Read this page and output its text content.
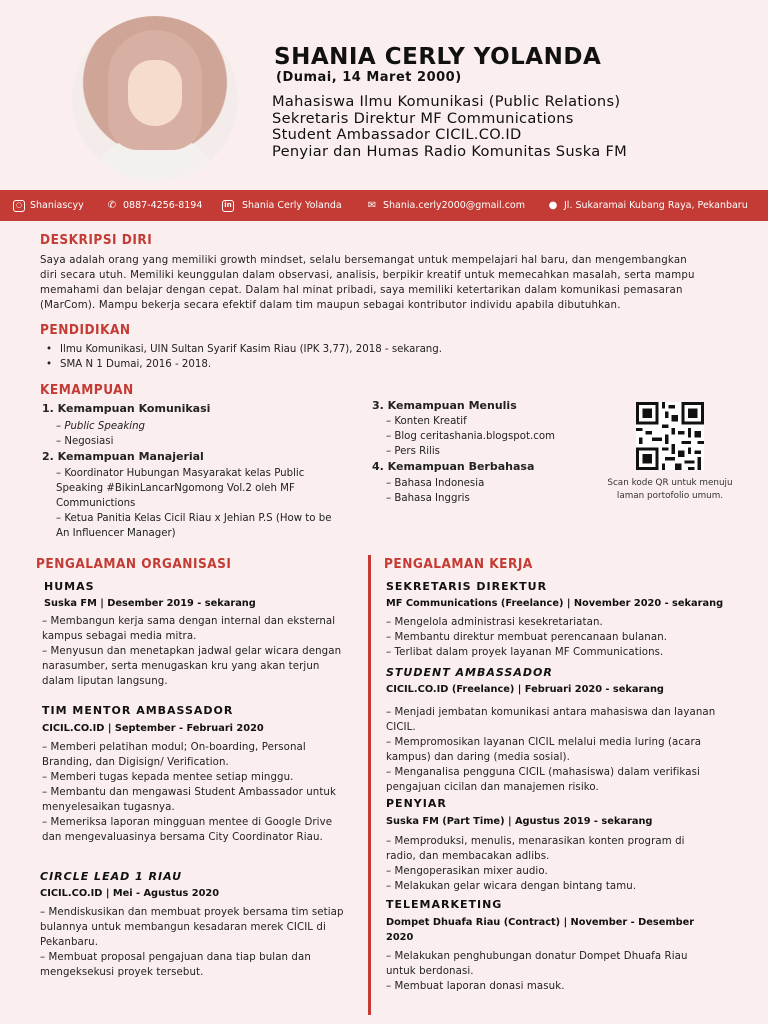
SHANIA CERLY YOLANDA
(Dumai, 14 Maret 2000)
Mahasiswa Ilmu Komunikasi (Public Relations)
Sekretaris Direktur MF Communications
Student Ambassador CICIL.CO.ID
Penyiar dan Humas Radio Komunitas Suska FM
○ Shaniascyy ✆ 0887-4256-8194	in Shania Cerly Yolanda	✉ Shania.cerly2000@gmail.com ● Jl. Sukaramai Kubang Raya, Pekanbaru
DESKRIPSI DIRI
Saya adalah orang yang memiliki growth mindset, selalu bersemangat untuk mempelajari hal baru, dan mengembangkan
diri secara utuh. Memiliki keunggulan dalam observasi, analisis, berpikir kreatif untuk memecahkan masalah, serta mampu
memahami dan belajar dengan cepat. Dalam hal minat pribadi, saya memiliki ketertarikan dalam komunikasi pemasaran
(MarCom). Mampu bekerja secara efektif dalam tim maupun sebagai kontributor individu apabila dibutuhkan.
PENDIDIKAN
• Ilmu Komunikasi, UIN Sultan Syarif Kasim Riau (IPK 3,77), 2018 - sekarang.
• SMA N 1 Dumai, 2016 - 2018.
KEMAMPUAN
1. Kemampuan Komunikasi
– Public Speaking
– Negosiasi
2. Kemampuan Manajerial
– Koordinator Hubungan Masyarakat kelas Public
Speaking #BikinLancarNgomong Vol.2 oleh MF
Communictions
– Ketua Panitia Kelas Cicil Riau x Jehian P.S (How to be
An Influencer Manager)
3. Kemampuan Menulis
– Konten Kreatif
– Blog ceritashania.blogspot.com
– Pers Rilis
4. Kemampuan Berbahasa
– Bahasa Indonesia
– Bahasa Inggris
Scan kode QR untuk menuju
laman portofolio umum.
PENGALAMAN ORGANISASI
HUMAS
Suska FM | Desember 2019 - sekarang
– Membangun kerja sama dengan internal dan eksternal
kampus sebagai media mitra.
– Menyusun dan menetapkan jadwal gelar wicara dengan
narasumber, serta menugaskan kru yang akan terjun
dalam liputan langsung.
TIM MENTOR AMBASSADOR
CICIL.CO.ID | September - Februari 2020
– Memberi pelatihan modul; On-boarding, Personal
Branding, dan Digisign/ Verification.
– Memberi tugas kepada mentee setiap minggu.
– Membantu dan mengawasi Student Ambassador untuk
menyelesaikan tugasnya.
– Memeriksa laporan mingguan mentee di Google Drive
dan mengevaluasinya bersama City Coordinator Riau.
CIRCLE LEAD 1 RIAU
CICIL.CO.ID | Mei - Agustus 2020
– Mendiskusikan dan membuat proyek bersama tim setiap
bulannya untuk membangun kesadaran merek CICIL di
Pekanbaru.
– Membuat proposal pengajuan dana tiap bulan dan
mengeksekusi proyek tersebut.
PENGALAMAN KERJA
SEKRETARIS DIREKTUR
MF Communications (Freelance) | November 2020 - sekarang
– Mengelola administrasi kesekretariatan.
– Membantu direktur membuat perencanaan bulanan.
– Terlibat dalam proyek layanan MF Communications.
STUDENT AMBASSADOR
CICIL.CO.ID (Freelance) | Februari 2020 - sekarang
– Menjadi jembatan komunikasi antara mahasiswa dan layanan
CICIL.
– Mempromosikan layanan CICIL melalui media luring (acara
kampus) dan daring (media sosial).
– Menganalisa pengguna CICIL (mahasiswa) dalam verifikasi
pengajuan cicilan dan manajemen risiko.
PENYIAR
Suska FM (Part Time) | Agustus 2019 - sekarang
– Memproduksi, menulis, menarasikan konten program di
radio, dan membacakan adlibs.
– Mengoperasikan mixer audio.
– Melakukan gelar wicara dengan bintang tamu.
TELEMARKETING
Dompet Dhuafa Riau (Contract) | November - Desember
2020
– Melakukan penghubungan donatur Dompet Dhuafa Riau
untuk berdonasi.
– Membuat laporan donasi masuk.
